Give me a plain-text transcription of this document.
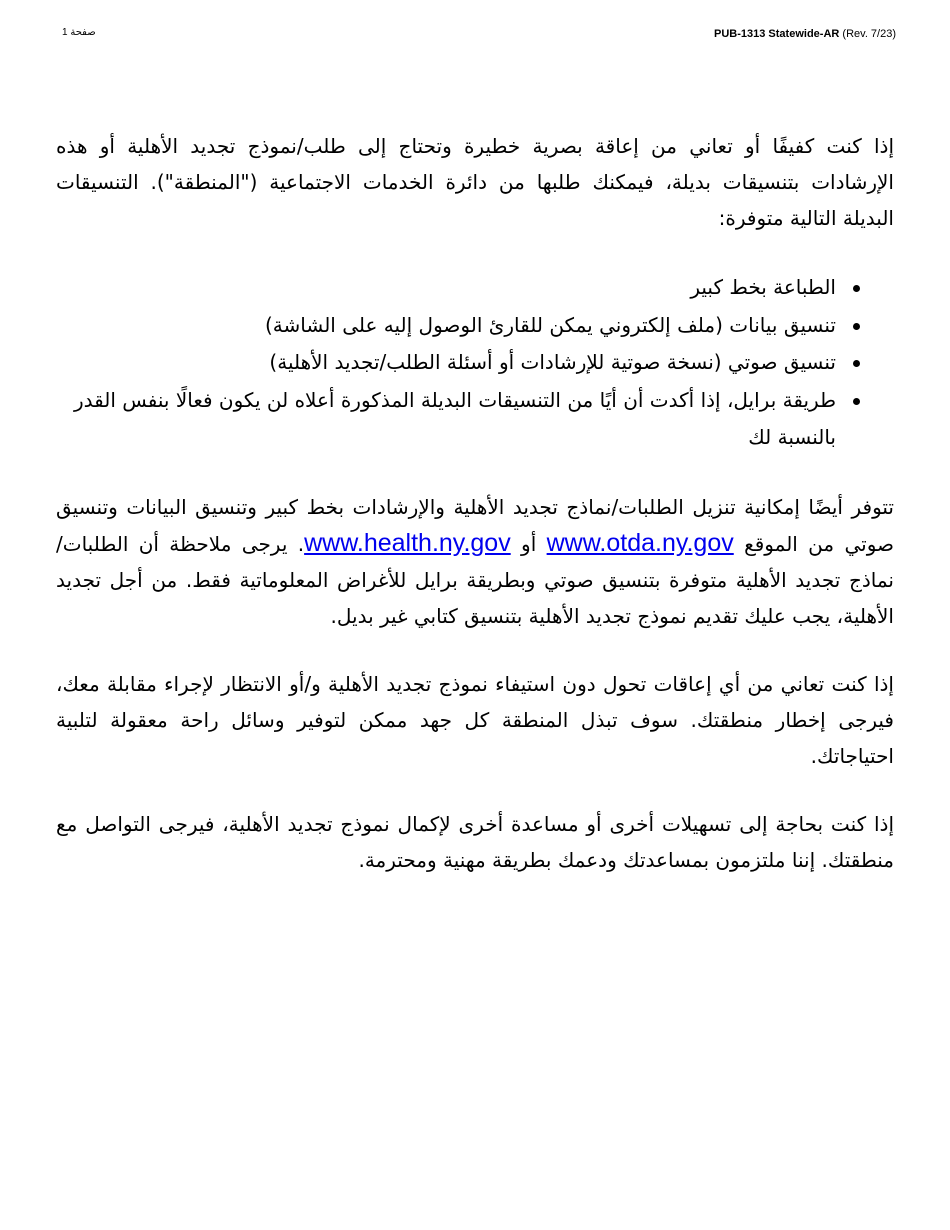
صفحة 1	PUB-1313 Statewide-AR (Rev. 7/23)

إذا كنت كفيفًا أو تعاني من إعاقة بصرية خطيرة وتحتاج إلى طلب/نموذج تجديد الأهلية أو هذه الإرشادات بتنسيقات بديلة، فيمكنك طلبها من دائرة الخدمات الاجتماعية ("المنطقة"). التنسيقات البديلة التالية متوفرة:

الطباعة بخط كبير
تنسيق بيانات (ملف إلكتروني يمكن للقارئ الوصول إليه على الشاشة)
تنسيق صوتي (نسخة صوتية للإرشادات أو أسئلة الطلب/تجديد الأهلية)
طريقة برايل، إذا أكدت أن أيًا من التنسيقات البديلة المذكورة أعلاه لن يكون فعالًا بنفس القدر بالنسبة لك

تتوفر أيضًا إمكانية تنزيل الطلبات/نماذج تجديد الأهلية والإرشادات بخط كبير وتنسيق البيانات وتنسيق صوتي من الموقع www.otda.ny.gov أو www.health.ny.gov. يرجى ملاحظة أن الطلبات/نماذج تجديد الأهلية متوفرة بتنسيق صوتي وبطريقة برايل للأغراض المعلوماتية فقط. من أجل تجديد الأهلية، يجب عليك تقديم نموذج تجديد الأهلية بتنسيق كتابي غير بديل.

إذا كنت تعاني من أي إعاقات تحول دون استيفاء نموذج تجديد الأهلية و/أو الانتظار لإجراء مقابلة معك، فيرجى إخطار منطقتك. سوف تبذل المنطقة كل جهد ممكن لتوفير وسائل راحة معقولة لتلبية احتياجاتك.

إذا كنت بحاجة إلى تسهيلات أخرى أو مساعدة أخرى لإكمال نموذج تجديد الأهلية، فيرجى التواصل مع منطقتك. إننا ملتزمون بمساعدتك ودعمك بطريقة مهنية ومحترمة.
